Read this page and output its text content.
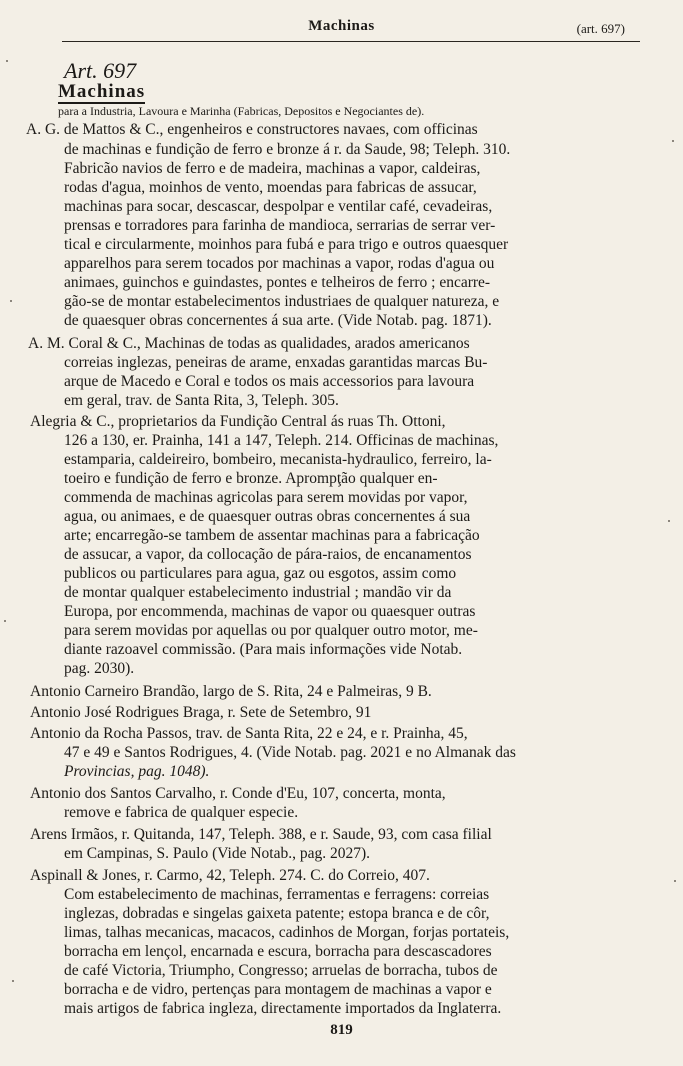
Machinas	(art. 697)
Art. 697
Machinas
para a Industria, Lavoura e Marinha (Fabricas, Depositos e Negociantes de).
A. G. de Mattos & C., engenheiros e constructores navaes, com officinas
de machinas e fundição de ferro e bronze á r. da Saude, 98; Teleph. 310.
Fabricão navios de ferro e de madeira, machinas a vapor, caldeiras,
rodas d'agua, moinhos de vento, moendas para fabricas de assucar,
machinas para socar, descascar, despolpar e ventilar café, cevadeiras,
prensas e torradores para farinha de mandioca, serrarias de serrar ver-
tical e circularmente, moinhos para fubá e para trigo e outros quaesquer
apparelhos para serem tocados por machinas a vapor, rodas d'agua ou
animaes, guinchos e guindastes, pontes e telheiros de ferro ; encarre-
gão-se de montar estabelecimentos industriaes de qualquer natureza, e
de quaesquer obras concernentes á sua arte. (Vide Notab. pag. 1871).
A. M. Coral & C., Machinas de todas as qualidades, arados americanos
correias inglezas, peneiras de arame, enxadas garantidas marcas Bu-
arque de Macedo e Coral e todos os mais accessorios para lavoura
em geral, trav. de Santa Rita, 3, Teleph. 305.
Alegria & C., proprietarios da Fundição Central ás ruas Th. Ottoni,
126 a 130, er. Prainha, 141 a 147, Teleph. 214. Officinas de machinas,
estamparia, caldeireiro, bombeiro, mecanista-hydraulico, ferreiro, la-
toeiro e fundição de ferro e bronze. Aprompţão qualquer en-
commenda de machinas agricolas para serem movidas por vapor,
agua, ou animaes, e de quaesquer outras obras concernentes á sua
arte; encarregão-se tambem de assentar machinas para a fabricação
de assucar, a vapor, da collocação de pára-raios, de encanamentos
publicos ou particulares para agua, gaz ou esgotos, assim como
de montar qualquer estabelecimento industrial ; mandão vir da
Europa, por encommenda, machinas de vapor ou quaesquer outras
para serem movidas por aquellas ou por qualquer outro motor, me-
diante razoavel commissão. (Para mais informações vide Notab.
pag. 2030).
Antonio Carneiro Brandão, largo de S. Rita, 24 e Palmeiras, 9 B.
Antonio José Rodrigues Braga, r. Sete de Setembro, 91
Antonio da Rocha Passos, trav. de Santa Rita, 22 e 24, e r. Prainha, 45,
47 e 49 e Santos Rodrigues, 4. (Vide Notab. pag. 2021 e no Almanak das
Provincias, pag. 1048).
Antonio dos Santos Carvalho, r. Conde d'Eu, 107, concerta, monta,
remove e fabrica de qualquer especie.
Arens Irmãos, r. Quitanda, 147, Teleph. 388, e r. Saude, 93, com casa filial
em Campinas, S. Paulo (Vide Notab., pag. 2027).
Aspinall & Jones, r. Carmo, 42, Teleph. 274. C. do Correio, 407.
Com estabelecimento de machinas, ferramentas e ferragens: correias
inglezas, dobradas e singelas gaixeta patente; estopa branca e de côr,
limas, talhas mecanicas, macacos, cadinhos de Morgan, forjas portateis,
borracha em lençol, encarnada e escura, borracha para descascadores
de café Victoria, Triumpho, Congresso; arruelas de borracha, tubos de
borracha e de vidro, pertenças para montagem de machinas a vapor e
mais artigos de fabrica ingleza, directamente importados da Inglaterra.
819
